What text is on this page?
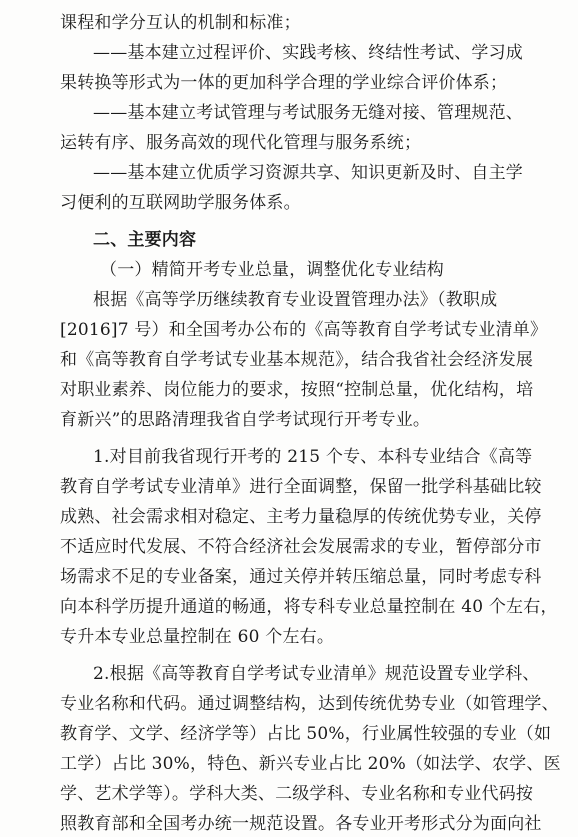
课程和学分互认的机制和标准；
——基本建立过程评价、实践考核、终结性考试、学习成
果转换等形式为一体的更加科学合理的学业综合评价体系；
——基本建立考试管理与考试服务无缝对接、管理规范、
运转有序、服务高效的现代化管理与服务系统；
——基本建立优质学习资源共享、知识更新及时、自主学
习便利的互联网助学服务体系。
二、主要内容
（一）精简开考专业总量，调整优化专业结构
根据《高等学历继续教育专业设置管理办法》（教职成
[2016]7 号）和全国考办公布的《高等教育自学考试专业清单》
和《高等教育自学考试专业基本规范》，结合我省社会经济发展
对职业素养、岗位能力的要求，按照“控制总量，优化结构，培
育新兴”的思路清理我省自学考试现行开考专业。
1.对目前我省现行开考的 215 个专、本科专业结合《高等
教育自学考试专业清单》进行全面调整，保留一批学科基础比较
成熟、社会需求相对稳定、主考力量稳厚的传统优势专业，关停
不适应时代发展、不符合经济社会发展需求的专业，暂停部分市
场需求不足的专业备案，通过关停并转压缩总量，同时考虑专科
向本科学历提升通道的畅通，将专科专业总量控制在 40 个左右，
专升本专业总量控制在 60 个左右。
2.根据《高等教育自学考试专业清单》规范设置专业学科、
专业名称和代码。通过调整结构，达到传统优势专业（如管理学、
教育学、文学、经济学等）占比 50%，行业属性较强的专业（如
工学）占比 30%，特色、新兴专业占比 20%（如法学、农学、医
学、艺术学等）。学科大类、二级学科、专业名称和专业代码按
照教育部和全国考办统一规范设置。各专业开考形式分为面向社
